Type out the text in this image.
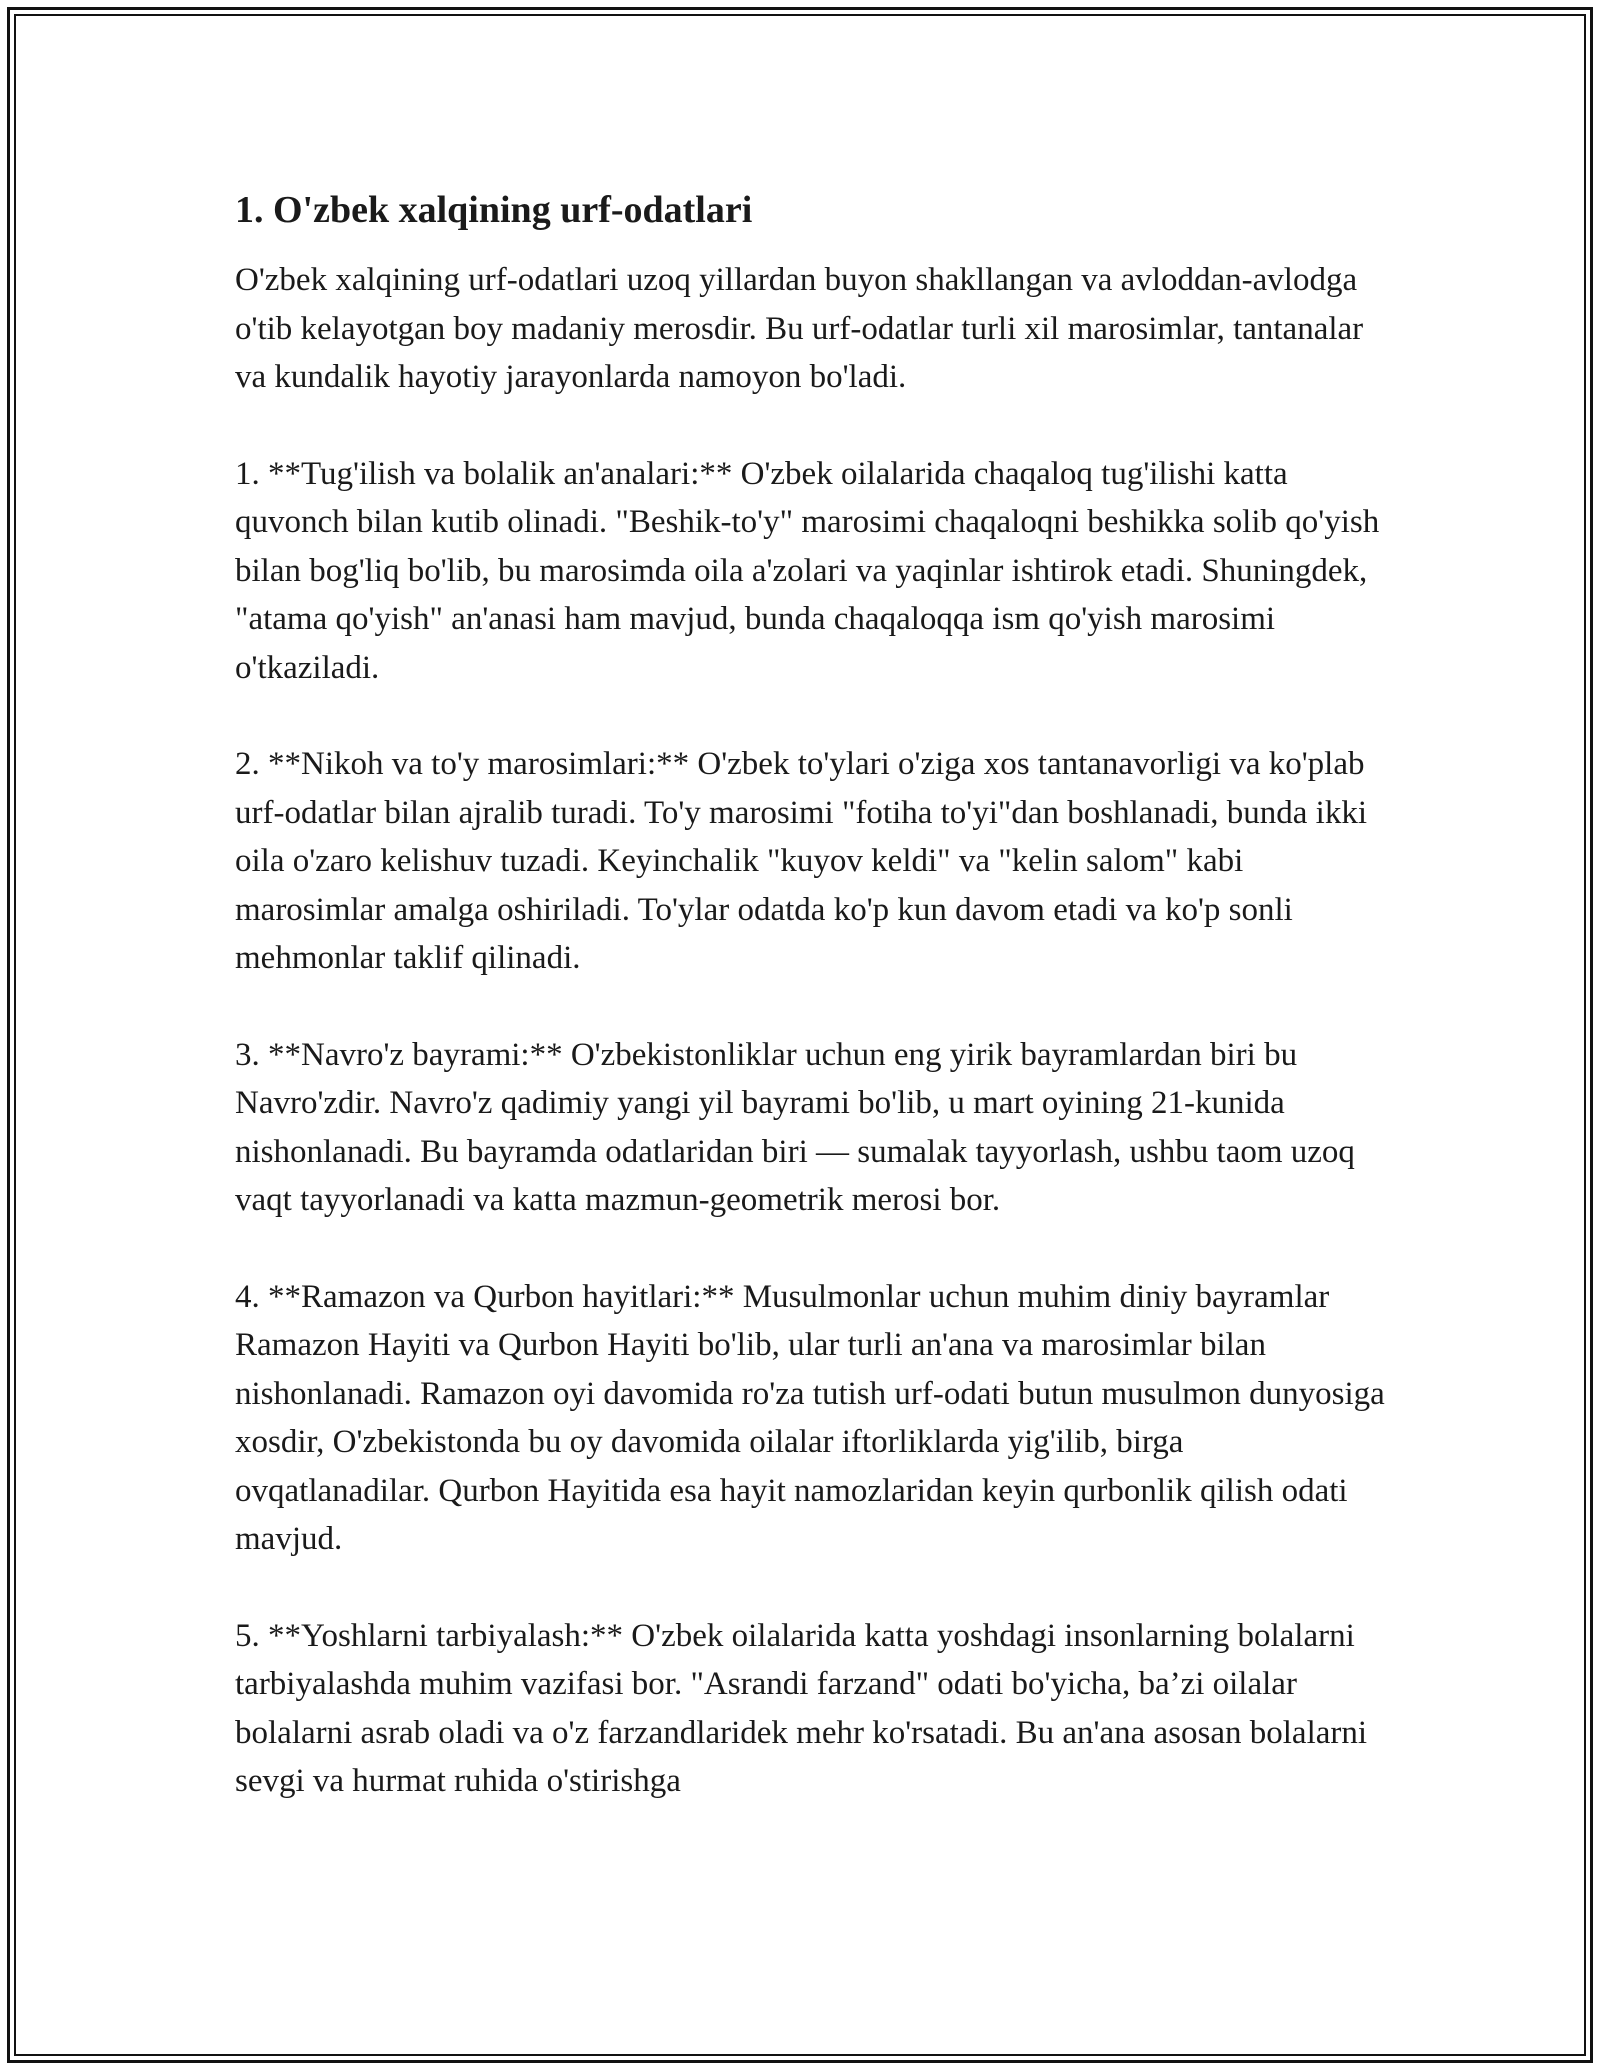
1. O'zbek xalqining urf-odatlari

O'zbek xalqining urf-odatlari uzoq yillardan buyon shakllangan va avloddan-avlodga o'tib kelayotgan boy madaniy merosdir. Bu urf-odatlar turli xil marosimlar, tantanalar va kundalik hayotiy jarayonlarda namoyon bo'ladi.

1. **Tug'ilish va bolalik an'analari:** O'zbek oilalarida chaqaloq tug'ilishi katta quvonch bilan kutib olinadi. "Beshik-to'y" marosimi chaqaloqni beshikka solib qo'yish bilan bog'liq bo'lib, bu marosimda oila a'zolari va yaqinlar ishtirok etadi. Shuningdek, "atama qo'yish" an'anasi ham mavjud, bunda chaqaloqqa ism qo'yish marosimi o'tkaziladi.

2. **Nikoh va to'y marosimlari:** O'zbek to'ylari o'ziga xos tantanavorligi va ko'plab urf-odatlar bilan ajralib turadi. To'y marosimi "fotiha to'yi"dan boshlanadi, bunda ikki oila o'zaro kelishuv tuzadi. Keyinchalik "kuyov keldi" va "kelin salom" kabi marosimlar amalga oshiriladi. To'ylar odatda ko'p kun davom etadi va ko'p sonli mehmonlar taklif qilinadi.

3. **Navro'z bayrami:** O'zbekistonliklar uchun eng yirik bayramlardan biri bu Navro'zdir. Navro'z qadimiy yangi yil bayrami bo'lib, u mart oyining 21-kunida nishonlanadi. Bu bayramda odatlaridan biri — sumalak tayyorlash, ushbu taom uzoq vaqt tayyorlanadi va katta mazmun-geometrik merosi bor.

4. **Ramazon va Qurbon hayitlari:** Musulmonlar uchun muhim diniy bayramlar Ramazon Hayiti va Qurbon Hayiti bo'lib, ular turli an'ana va marosimlar bilan nishonlanadi. Ramazon oyi davomida ro'za tutish urf-odati butun musulmon dunyosiga xosdir, O'zbekistonda bu oy davomida oilalar iftorliklarda yig'ilib, birga ovqatlanadilar. Qurbon Hayitida esa hayit namozlaridan keyin qurbonlik qilish odati mavjud.

5. **Yoshlarni tarbiyalash:** O'zbek oilalarida katta yoshdagi insonlarning bolalarni tarbiyalashda muhim vazifasi bor. "Asrandi farzand" odati bo'yicha, ba’zi oilalar bolalarni asrab oladi va o'z farzandlaridek mehr ko'rsatadi. Bu an'ana asosan bolalarni sevgi va hurmat ruhida o'stirishga
